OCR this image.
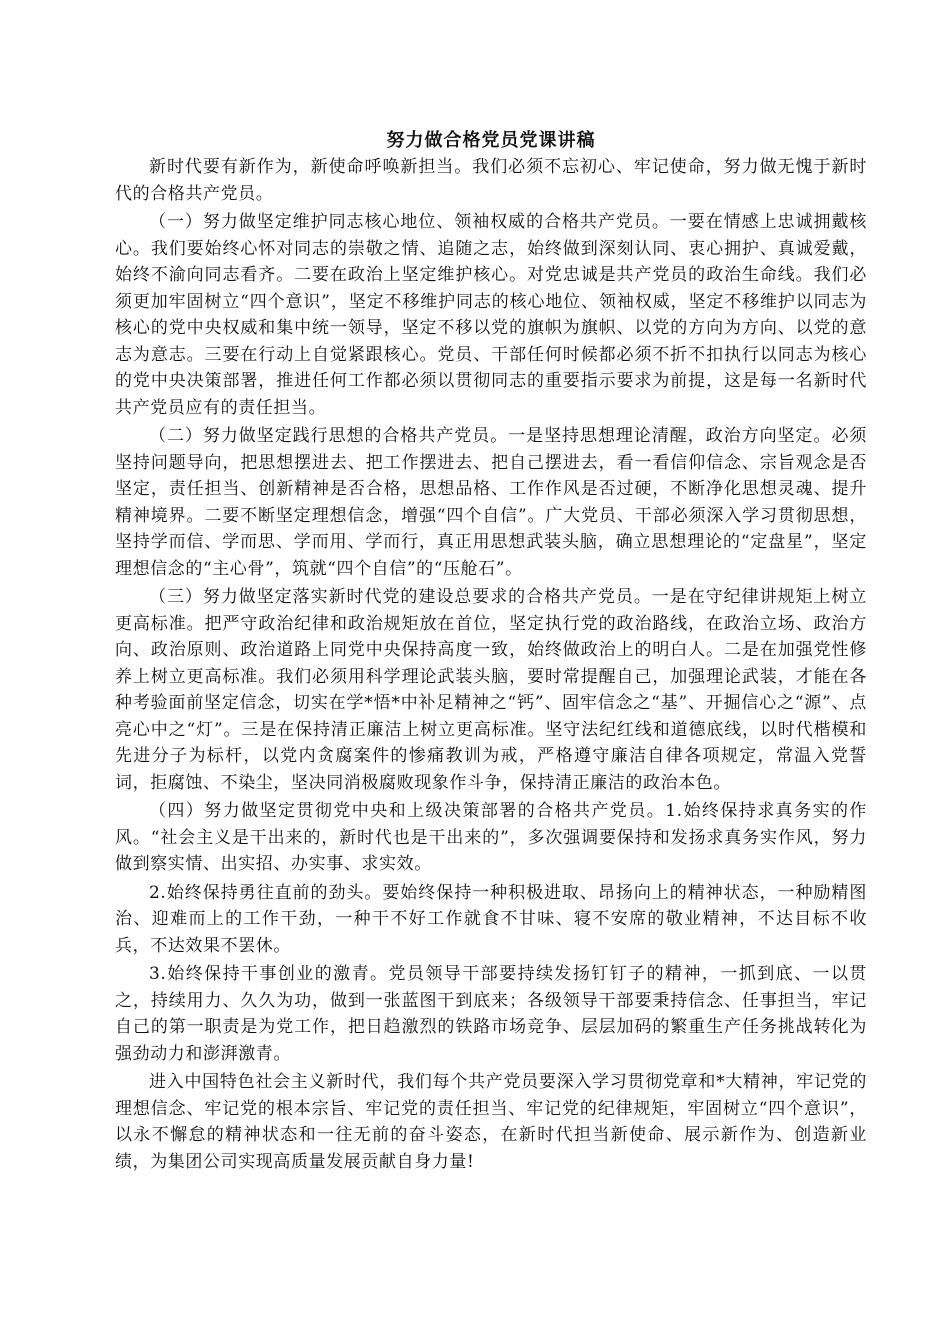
努力做合格党员党课讲稿

新时代要有新作为，新使命呼唤新担当。我们必须不忘初心、牢记使命，努力做无愧于新时代的合格共产党员。

（一）努力做坚定维护同志核心地位、领袖权威的合格共产党员。一要在情感上忠诚拥戴核心。我们要始终心怀对同志的崇敬之情、追随之志，始终做到深刻认同、衷心拥护、真诚爱戴，始终不渝向同志看齐。二要在政治上坚定维护核心。对党忠诚是共产党员的政治生命线。我们必须更加牢固树立“四个意识”，坚定不移维护同志的核心地位、领袖权威，坚定不移维护以同志为核心的党中央权威和集中统一领导，坚定不移以党的旗帜为旗帜、以党的方向为方向、以党的意志为意志。三要在行动上自觉紧跟核心。党员、干部任何时候都必须不折不扣执行以同志为核心的党中央决策部署，推进任何工作都必须以贯彻同志的重要指示要求为前提，这是每一名新时代共产党员应有的责任担当。

（二）努力做坚定践行思想的合格共产党员。一是坚持思想理论清醒，政治方向坚定。必须坚持问题导向，把思想摆进去、把工作摆进去、把自己摆进去，看一看信仰信念、宗旨观念是否坚定，责任担当、创新精神是否合格，思想品格、工作作风是否过硬，不断净化思想灵魂、提升精神境界。二要不断坚定理想信念，增强“四个自信”。广大党员、干部必须深入学习贯彻思想，坚持学而信、学而思、学而用、学而行，真正用思想武装头脑，确立思想理论的“定盘星”，坚定理想信念的“主心骨”，筑就“四个自信”的“压舱石”。

（三）努力做坚定落实新时代党的建设总要求的合格共产党员。一是在守纪律讲规矩上树立更高标准。把严守政治纪律和政治规矩放在首位，坚定执行党的政治路线，在政治立场、政治方向、政治原则、政治道路上同党中央保持高度一致，始终做政治上的明白人。二是在加强党性修养上树立更高标准。我们必须用科学理论武装头脑，要时常提醒自己，加强理论武装，才能在各种考验面前坚定信念，切实在学*悟*中补足精神之“钙”、固牢信念之“基”、开掘信心之“源”、点亮心中之“灯”。三是在保持清正廉洁上树立更高标准。坚守法纪红线和道德底线，以时代楷模和先进分子为标杆，以党内贪腐案件的惨痛教训为戒，严格遵守廉洁自律各项规定，常温入党誓词，拒腐蚀、不染尘，坚决同消极腐败现象作斗争，保持清正廉洁的政治本色。

（四）努力做坚定贯彻党中央和上级决策部署的合格共产党员。1.始终保持求真务实的作风。“社会主义是干出来的，新时代也是干出来的”，多次强调要保持和发扬求真务实作风，努力做到察实情、出实招、办实事、求实效。

2.始终保持勇往直前的劲头。要始终保持一种积极进取、昂扬向上的精神状态，一种励精图治、迎难而上的工作干劲，一种干不好工作就食不甘味、寝不安席的敬业精神，不达目标不收兵，不达效果不罢休。

3.始终保持干事创业的激青。党员领导干部要持续发扬钉钉子的精神，一抓到底、一以贯之，持续用力、久久为功，做到一张蓝图干到底来；各级领导干部要秉持信念、任事担当，牢记自己的第一职责是为党工作，把日趋激烈的铁路市场竞争、层层加码的繁重生产任务挑战转化为强劲动力和澎湃激青。

进入中国特色社会主义新时代，我们每个共产党员要深入学习贯彻党章和*大精神，牢记党的理想信念、牢记党的根本宗旨、牢记党的责任担当、牢记党的纪律规矩，牢固树立“四个意识”，以永不懈怠的精神状态和一往无前的奋斗姿态，在新时代担当新使命、展示新作为、创造新业绩，为集团公司实现高质量发展贡献自身力量!
